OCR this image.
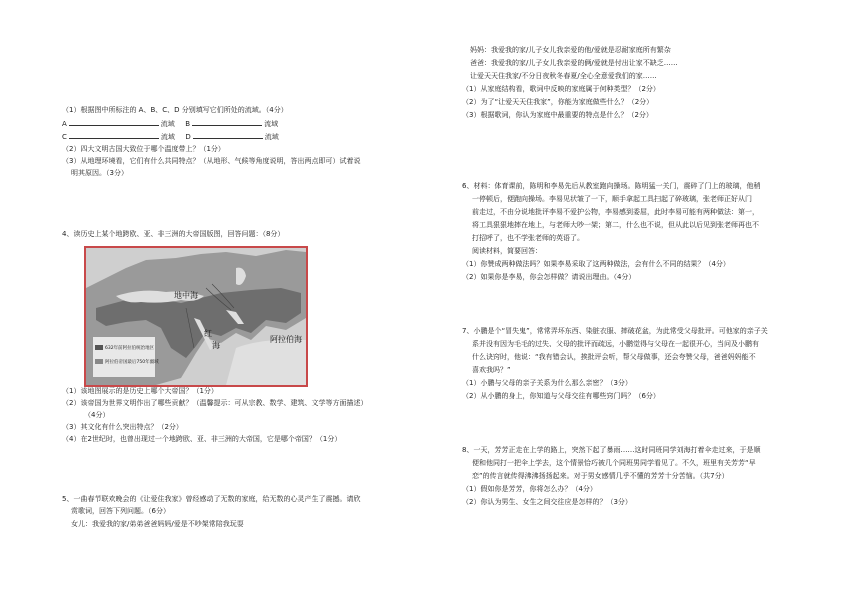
（1）根据图中所标注的 A、B、C、D 分别填写它们所处的流域。（4分）
A	流域 B	流域
C	流域 D	流域
（2）四大文明古国大致位于哪个温度带上？（1分）
（3）从地理环境看，它们有什么共同特点？（从地形、气候等角度说明，答出两点即可）试着说
明其原因。（3分）
4、读历史上某个地跨欧、亚、非三洲的大帝国版图，回答问题：（8分）
（1）该地图展示的是历史上哪个大帝国？（1分）
（2）该帝国为世界文明作出了哪些贡献？（温馨提示：可从宗教、数学、建筑、文学等方面描述）
（4分）
（3）其文化有什么突出特点？（2分）
（4）在2世纪时，也曾出现过一个地跨欧、亚、非三洲的大帝国，它是哪个帝国？（1分）
5、一曲春节联欢晚会的《让爱住我家》曾经感动了无数的家庭，给无数的心灵产生了震撼。请欣
赏歌词，回答下列问题。（6分）
女儿：我爱我的家/弟弟爸爸妈妈/爱是不吵架常陪我玩耍
地中海
红
海
阿拉伯海
632年前阿拉伯统治地区
阿拉伯帝国最后750年疆域
妈妈：我爱我的家/儿子女儿我亲爱的他/爱就是忍耐家庭所有繁杂
爸爸：我爱我的家/儿子女儿我亲爱的俩/爱就是付出让家不缺乏……
让爱天天住我家/不分日夜秋冬春夏/全心全意爱我们的家……
（1）从家庭结构看，歌词中反映的家庭属于何种类型？（2分）
（2）为了“让爱天天住我家”，你能为家庭做些什么？（2分）
（3）根据歌词，你认为家庭中最重要的特点是什么？（2分）
6、材料：体育课前，陈明和李易先后从教室跑向操场。陈明猛一关门，震碎了门上的玻璃，他稍
一停顿后，便跑向操场。李易见状皱了一下，顺手拿起工具扫起了碎玻璃，张老师正好从门
前走过，不由分说地批评李易不爱护公物，李易感到委屈，此时李易可能有两种做法：第一，
将工具狠狠地摔在地上，与老师大吵一架；第二，什么也不说，但从此以后见到张老师再也不
打招呼了，也不学张老师的英语了。
阅读材料，简要回答：
（1）你赞成两种做法吗？如果李易采取了这两种做法，会有什么不同的结果？（4分）
（2）如果你是李易，你会怎样做？请说出理由。（4分）
7、小鹏是个“冒失鬼”，常常弄坏东西、染脏衣服、摔破花盆，为此常受父母批评。可他家的亲子关
系并没有因为毛毛的过失、父母的批评而疏远，小鹏觉得与父母在一起很开心，当问及小鹏有
什么诀窍时，他说：“我有错会认，挨批评会听，帮父母做事，还会夸赞父母，爸爸妈妈能不
喜欢我吗？”
（1）小鹏与父母的亲子关系为什么那么亲密？（3分）
（2）从小鹏的身上，你知道与父母交往有哪些窍门吗？（6分）
8、一天，芳芳正走在上学的路上，突然下起了暴雨……这时同班同学刘海打着伞走过来，于是顺
便和他同打一把伞上学去，这个情景恰巧被几个同班男同学看见了。不久，班里有关芳芳“早
恋”的传言就传得沸沸扬扬起来。对于男女感情几乎不懂的芳芳十分苦恼。（共7分）
（1）假如你是芳芳，你将怎么办？（4分）
（2）你认为男生、女生之间交往应是怎样的？（3分）
